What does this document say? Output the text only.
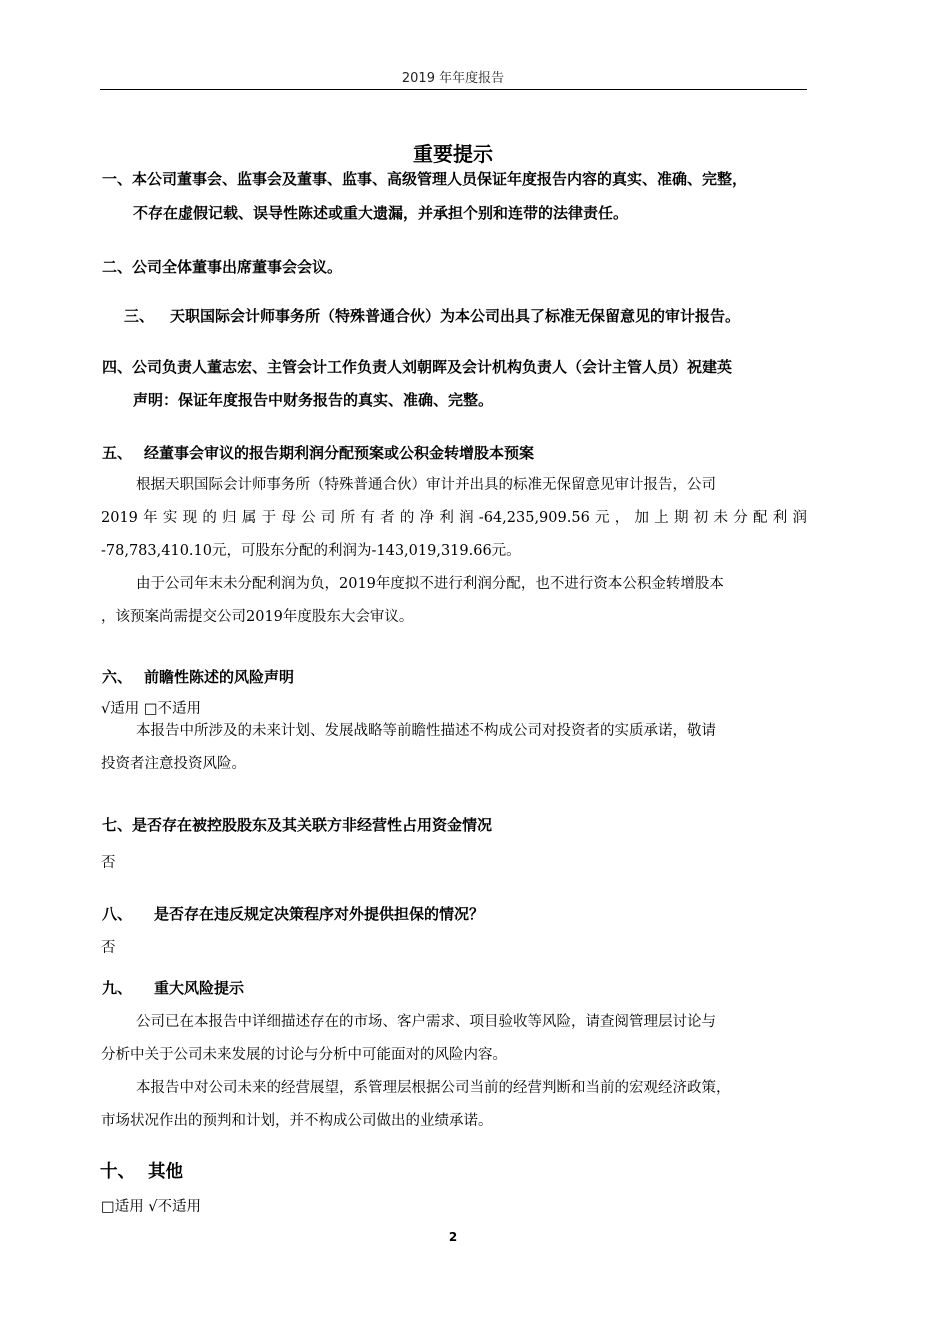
2019 年年度报告
重要提示
一、本公司董事会、监事会及董事、监事、高级管理人员保证年度报告内容的真实、准确、完整，
不存在虚假记载、误导性陈述或重大遗漏，并承担个别和连带的法律责任。
二、公司全体董事出席董事会会议。
三、 天职国际会计师事务所（特殊普通合伙）为本公司出具了标准无保留意见的审计报告。
四、公司负责人董志宏、主管会计工作负责人刘朝晖及会计机构负责人（会计主管人员）祝建英
声明：保证年度报告中财务报告的真实、准确、完整。
五、 经董事会审议的报告期利润分配预案或公积金转增股本预案
根据天职国际会计师事务所（特殊普通合伙）审计并出具的标准无保留意见审计报告，公司
2019年实现的归属于母公司所有者的净利润-64,235,909.56元，加上期初未分配利润
-78,783,410.10元，可股东分配的利润为-143,019,319.66元。
由于公司年末未分配利润为负，2019年度拟不进行利润分配，也不进行资本公积金转增股本
，该预案尚需提交公司2019年度股东大会审议。
六、 前瞻性陈述的风险声明
√适用 □不适用
本报告中所涉及的未来计划、发展战略等前瞻性描述不构成公司对投资者的实质承诺，敬请
投资者注意投资风险。
七、是否存在被控股股东及其关联方非经营性占用资金情况
否
八、 是否存在违反规定决策程序对外提供担保的情况？
否
九、 重大风险提示
公司已在本报告中详细描述存在的市场、客户需求、项目验收等风险，请查阅管理层讨论与
分析中关于公司未来发展的讨论与分析中可能面对的风险内容。
本报告中对公司未来的经营展望，系管理层根据公司当前的经营判断和当前的宏观经济政策，
市场状况作出的预判和计划，并不构成公司做出的业绩承诺。
十、 其他
□适用 √不适用
2
